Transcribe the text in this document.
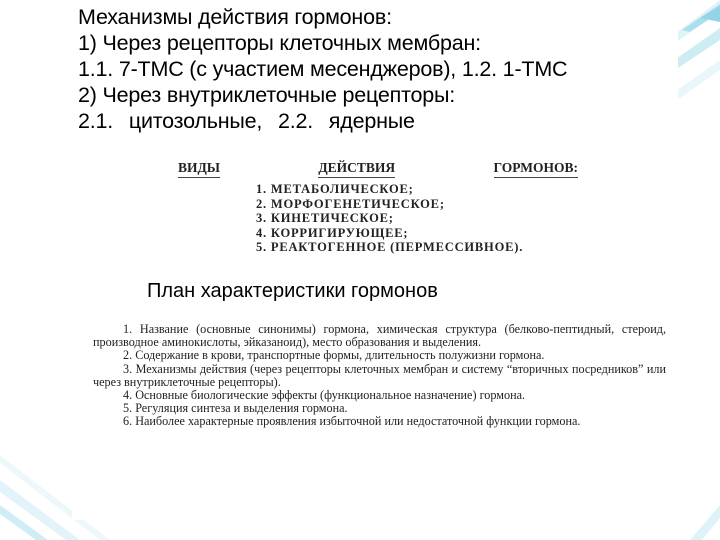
Механизмы действия гормонов:
1) Через рецепторы клеточных мембран:
1.1. 7-ТМС (с участием месенджеров), 1.2. 1-ТМС
2) Через внутриклеточные рецепторы:
2.1. цитозольные, 2.2. ядерные
ВИДЫ	ДЕЙСТВИЯ	ГОРМОНОВ:
1. МЕТАБОЛИЧЕСКОЕ;
2. МОРФОГЕНЕТИЧЕСКОЕ;
3. КИНЕТИЧЕСКОЕ;
4. КОРРИГИРУЮЩЕЕ;
5. РЕАКТОГЕННОЕ (ПЕРМЕССИВНОЕ).
План характеристики гормонов
1. Название (основные синонимы) гормона, химическая структура (белково-пептидный, стероид, производное аминокислоты, эйказаноид), место образования и выделения.
2. Содержание в крови, транспортные формы, длительность полужизни гормона.
3. Механизмы действия (через рецепторы клеточных мембран и систему “вторичных посредников” или через внутриклеточные рецепторы).
4. Основные биологические эффекты (функциональное назначение) гормона.
5. Регуляция синтеза и выделения гормона.
6. Наиболее характерные проявления избыточной или недостаточной функции гормона.
